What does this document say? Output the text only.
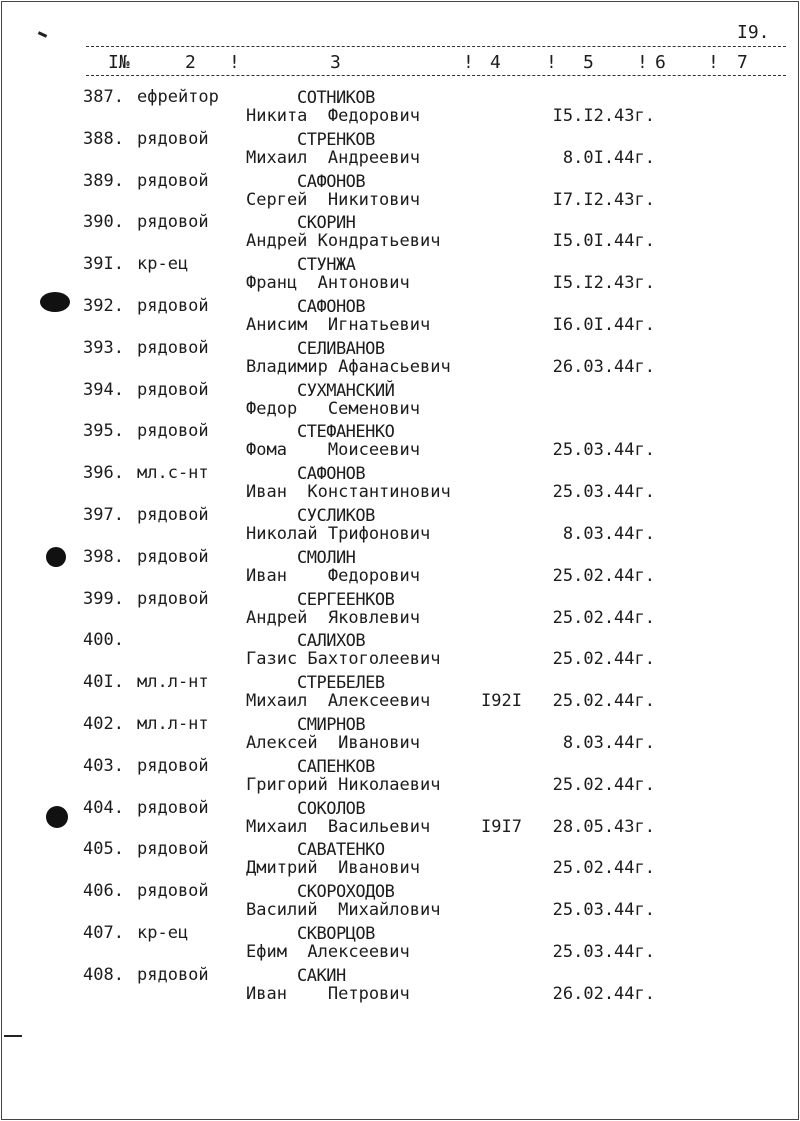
I9.
I№	2 !	3	! 4	! 5 ! 6 ! 7
387. ефрейтор	СОТНИКОВ
Никита  Федорович	I5.I2.43г.
388. рядовой	СТРЕНКОВ
Михаил  Андреевич	8.0I.44г.
389. рядовой	САФОНОВ
Сергей  Никитович	I7.I2.43г.
390. рядовой	СКОРИН
Андрей Кондратьевич	I5.0I.44г.
39I. кр-ец	СТУНЖА
Франц  Антонович	I5.I2.43г.
392. рядовой	САФОНОВ
Анисим  Игнатьевич	I6.0I.44г.
393. рядовой	СЕЛИВАНОВ
Владимир Афанасьевич	26.03.44г.
394. рядовой	СУХМАНСКИЙ
Федор   Семенович
395. рядовой	СТЕФАНЕНКО
Фома    Моисеевич	25.03.44г.
396. мл.с-нт	САФОНОВ
Иван  Константинович	25.03.44г.
397. рядовой	СУСЛИКОВ
Николай Трифонович	8.03.44г.
398. рядовой	СМОЛИН
Иван    Федорович	25.02.44г.
399. рядовой	СЕРГЕЕНКОВ
Андрей  Яковлевич	25.02.44г.
400.	САЛИХОВ
Газис Бахтоголеевич	25.02.44г.
40I. мл.л-нт	СТРЕБЕЛЕВ
Михаил  Алексеевич	I92I 25.02.44г.
402. мл.л-нт	СМИРНОВ
Алексей  Иванович	8.03.44г.
403. рядовой	САПЕНКОВ
Григорий Николаевич	25.02.44г.
404. рядовой	СОКОЛОВ
Михаил  Васильевич	I9I7 28.05.43г.
405. рядовой	САВАТЕНКО
Дмитрий  Иванович	25.02.44г.
406. рядовой	СКОРОХОДОВ
Василий  Михайлович	25.03.44г.
407. кр-ец	СКВОРЦОВ
Ефим  Алексеевич	25.03.44г.
408. рядовой	САКИН
Иван    Петрович	26.02.44г.
